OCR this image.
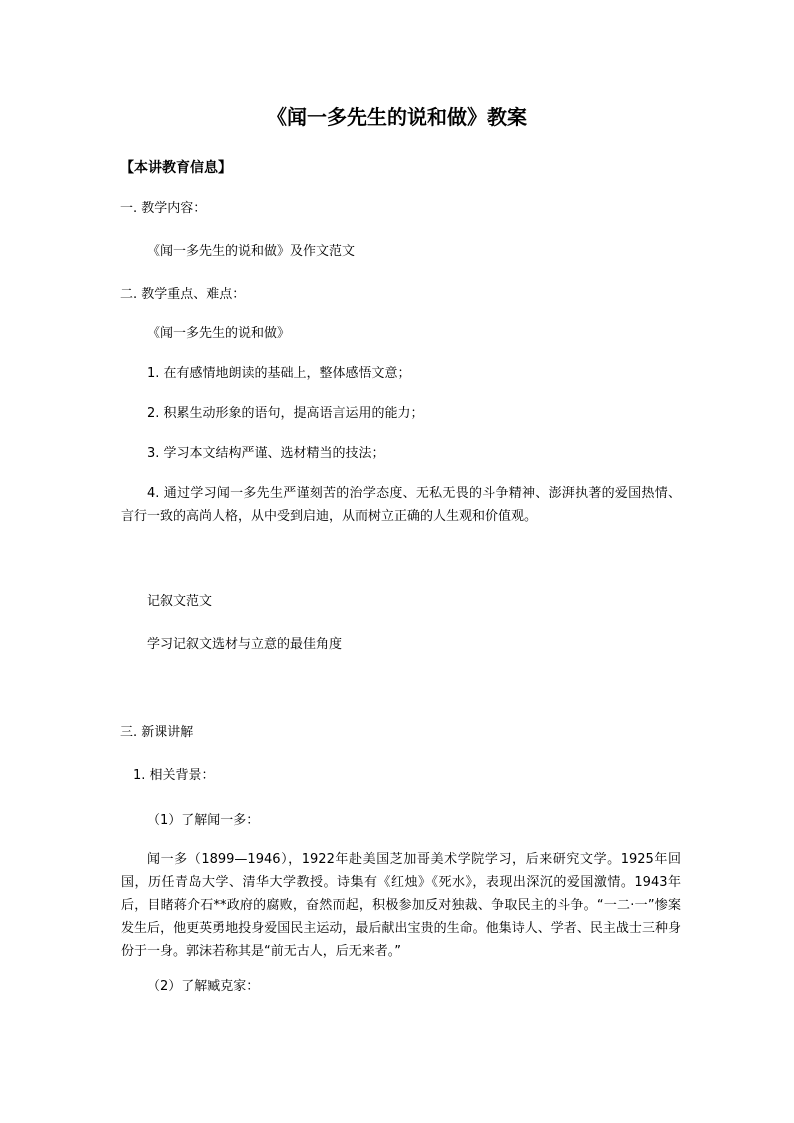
《闻一多先生的说和做》教案
【本讲教育信息】
一. 教学内容：
《闻一多先生的说和做》及作文范文
二. 教学重点、难点：
《闻一多先生的说和做》
1. 在有感情地朗读的基础上，整体感悟文意；
2. 积累生动形象的语句，提高语言运用的能力；
3. 学习本文结构严谨、选材精当的技法；
4. 通过学习闻一多先生严谨刻苦的治学态度、无私无畏的斗争精神、澎湃执著的爱国热情、言行一致的高尚人格，从中受到启迪，从而树立正确的人生观和价值观。
记叙文范文
学习记叙文选材与立意的最佳角度
三. 新课讲解
1. 相关背景：
（1）了解闻一多：
闻一多（1899—1946），1922年赴美国芝加哥美术学院学习，后来研究文学。1925年回国，历任青岛大学、清华大学教授。诗集有《红烛》《死水》，表现出深沉的爱国激情。1943年后，目睹蒋介石**政府的腐败，奋然而起，积极参加反对独裁、争取民主的斗争。“一二·一”惨案发生后，他更英勇地投身爱国民主运动，最后献出宝贵的生命。他集诗人、学者、民主战士三种身份于一身。郭沫若称其是“前无古人，后无来者。”
（2）了解臧克家：
